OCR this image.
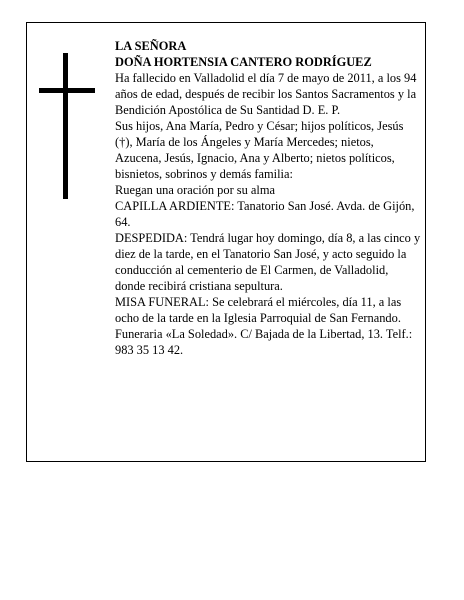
LA SEÑORA

DOÑA HORTENSIA CANTERO RODRÍGUEZ

Ha fallecido en Valladolid el día 7 de mayo de 2011, a los 94 años de edad, después de recibir los Santos Sacramentos y la Bendición Apostólica de Su Santidad D. E. P.

Sus hijos, Ana María, Pedro y César; hijos políticos, Jesús (†), María de los Ángeles y María Mercedes; nietos, Azucena, Jesús, Ignacio, Ana y Alberto; nietos políticos, bisnietos, sobrinos y demás familia:

Ruegan una oración por su alma

CAPILLA ARDIENTE: Tanatorio San José. Avda. de Gijón, 64.

DESPEDIDA: Tendrá lugar hoy domingo, día 8, a las cinco y diez de la tarde, en el Tanatorio San José, y acto seguido la conducción al cementerio de El Carmen, de Valladolid, donde recibirá cristiana sepultura.

MISA FUNERAL: Se celebrará el miércoles, día 11, a las ocho de la tarde en la Iglesia Parroquial de San Fernando.

Funeraria «La Soledad». C/ Bajada de la Libertad, 13. Telf.: 983 35 13 42.
